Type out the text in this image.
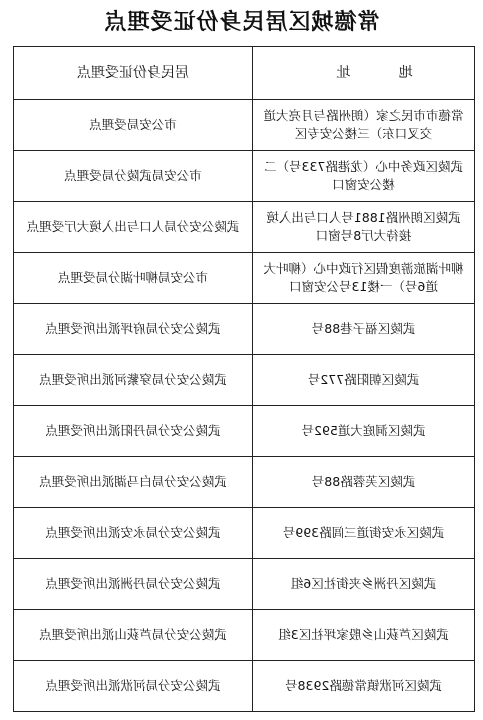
常德城区居民身份证受理点
地 址	居民身份证受理点
常德市市民之家（朗州路与月亮大道交叉口东）三楼公安专区	市公安局受理点
武陵区政务中心（龙港路733号）二楼公安窗口	市公安局武陵分局受理点
武陵区朗州路1881号人口与出入境接待大厅8号窗口	武陵公安分局人口与出入境大厅受理点
柳叶湖旅游度假区行政中心（柳叶大道6号）一楼13号公安窗口	市公安局柳叶湖分局受理点
武陵区福子巷88号	武陵公安分局府坪派出所受理点
武陵区朝阳路772号	武陵公安分局穿紫河派出所受理点
武陵区洞庭大道592号	武陵公安分局丹阳派出所受理点
武陵区芙蓉路88号	武陵公安分局白马湖派出所受理点
武陵区永安街道三闾路399号	武陵公安分局永安派出所受理点
武陵区丹洲乡夹街社区6组	武陵公安分局丹洲派出所受理点
武陵区芦荻山乡殷家坪社区3组	武陵公安分局芦荻山派出所受理点
武陵区河洑镇常德路2938号	武陵公安分局河洑派出所受理点
